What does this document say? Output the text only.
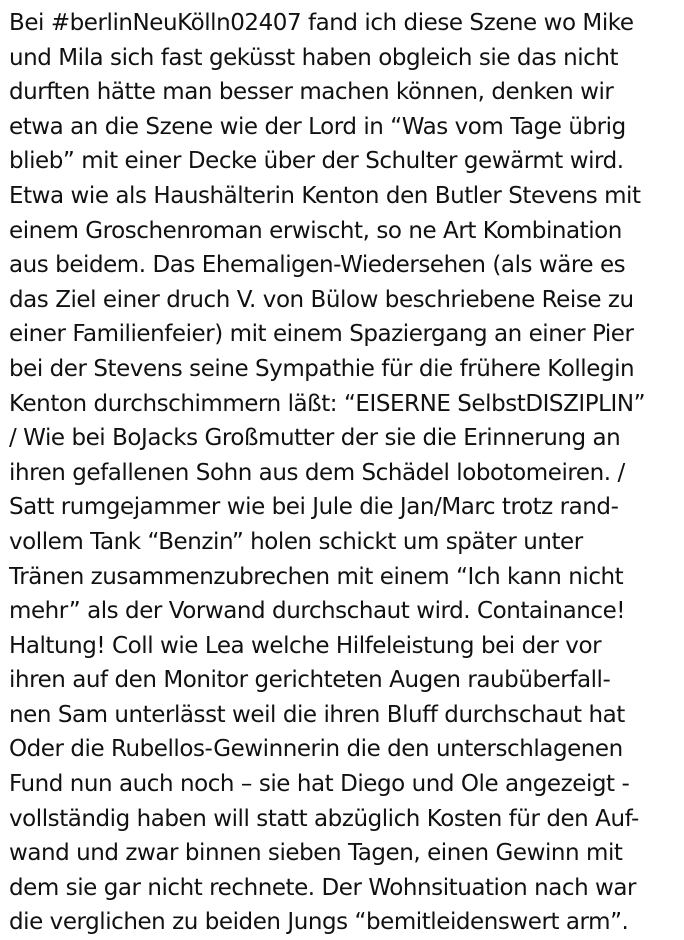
Bei #berlinNeuKölln02407 fand ich diese Szene wo Mike
und Mila sich fast geküsst haben obgleich sie das nicht
durften hätte man besser machen können, denken wir
etwa an die Szene wie der Lord in “Was vom Tage übrig
blieb” mit einer Decke über der Schulter gewärmt wird.
Etwa wie als Haushälterin Kenton den Butler Stevens mit
einem Groschenroman erwischt, so ne Art Kombination
aus beidem. Das Ehemaligen-Wiedersehen (als wäre es
das Ziel einer druch V. von Bülow beschriebene Reise zu
einer Familienfeier) mit einem Spaziergang an einer Pier
bei der Stevens seine Sympathie für die frühere Kollegin
Kenton durchschimmern läßt: “EISERNE SelbstDISZIPLIN”
/ Wie bei BoJacks Großmutter der sie die Erinnerung an
ihren gefallenen Sohn aus dem Schädel lobotomeiren. /
Satt rumgejammer wie bei Jule die Jan/Marc trotz rand-
vollem Tank “Benzin” holen schickt um später unter
Tränen zusammenzubrechen mit einem “Ich kann nicht
mehr” als der Vorwand durchschaut wird. Containance!
Haltung! Coll wie Lea welche Hilfeleistung bei der vor
ihren auf den Monitor gerichteten Augen raubüberfall-
nen Sam unterlässt weil die ihren Bluff durchschaut hat
Oder die Rubellos-Gewinnerin die den unterschlagenen
Fund nun auch noch – sie hat Diego und Ole angezeigt -
vollständig haben will statt abzüglich Kosten für den Auf-
wand und zwar binnen sieben Tagen, einen Gewinn mit
dem sie gar nicht rechnete. Der Wohnsituation nach war
die verglichen zu beiden Jungs “bemitleidenswert arm”.
